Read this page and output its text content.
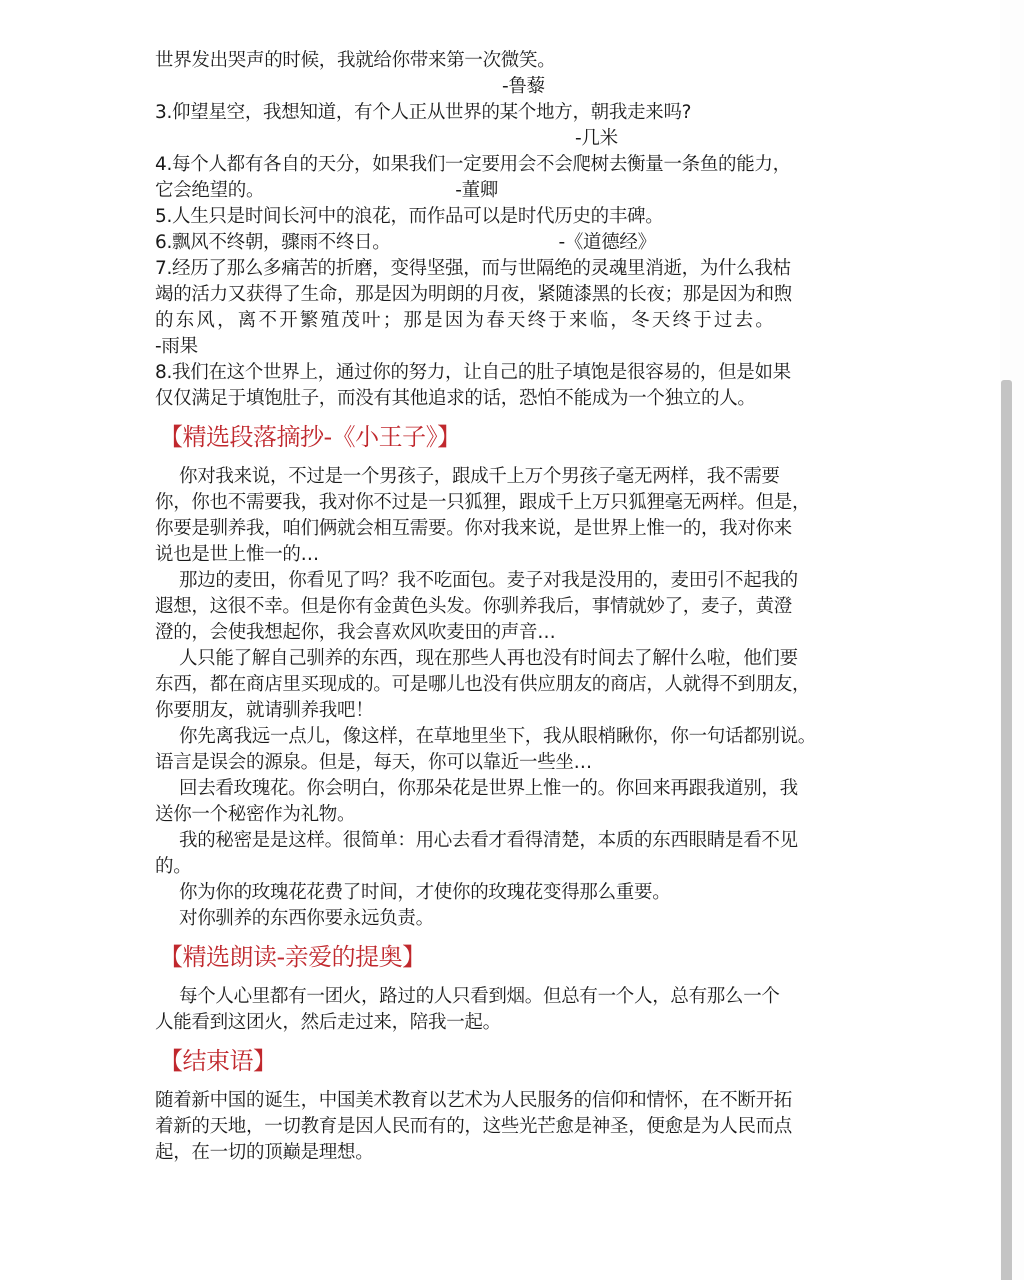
世界发出哭声的时候，我就给你带来第一次微笑。
-鲁藜
3.仰望星空，我想知道，有个人正从世界的某个地方，朝我走来吗?
-几米
4.每个人都有各自的天分，如果我们一定要用会不会爬树去衡量一条鱼的能力，
它会绝望的。	-董卿
5.人生只是时间长河中的浪花，而作品可以是时代历史的丰碑。
6.飘风不终朝，骤雨不终日。	-《道德经》
7.经历了那么多痛苦的折磨，变得坚强，而与世隔绝的灵魂里消逝，为什么我枯
竭的活力又获得了生命，那是因为明朗的月夜，紧随漆黑的长夜；那是因为和煦
的东风，离不开繁殖茂叶；那是因为春天终于来临，冬天终于过去。
-雨果
8.我们在这个世界上，通过你的努力，让自己的肚子填饱是很容易的，但是如果
仅仅满足于填饱肚子，而没有其他追求的话，恐怕不能成为一个独立的人。
【精选段落摘抄-《小王子》】
你对我来说，不过是一个男孩子，跟成千上万个男孩子毫无两样，我不需要
你，你也不需要我，我对你不过是一只狐狸，跟成千上万只狐狸毫无两样。但是，
你要是驯养我，咱们俩就会相互需要。你对我来说，是世界上惟一的，我对你来
说也是世上惟一的…
那边的麦田，你看见了吗？我不吃面包。麦子对我是没用的，麦田引不起我的
遐想，这很不幸。但是你有金黄色头发。你驯养我后，事情就妙了，麦子，黄澄
澄的，会使我想起你，我会喜欢风吹麦田的声音…
人只能了解自己驯养的东西，现在那些人再也没有时间去了解什么啦，他们要
东西，都在商店里买现成的。可是哪儿也没有供应朋友的商店，人就得不到朋友，
你要朋友，就请驯养我吧！
你先离我远一点儿，像这样，在草地里坐下，我从眼梢瞅你，你一句话都别说。
语言是误会的源泉。但是，每天，你可以靠近一些坐…
回去看玫瑰花。你会明白，你那朵花是世界上惟一的。你回来再跟我道别，我
送你一个秘密作为礼物。
我的秘密是是这样。很简单：用心去看才看得清楚，本质的东西眼睛是看不见
的。
你为你的玫瑰花花费了时间，才使你的玫瑰花变得那么重要。
对你驯养的东西你要永远负责。
【精选朗读-亲爱的提奥】
每个人心里都有一团火，路过的人只看到烟。但总有一个人，总有那么一个
人能看到这团火，然后走过来，陪我一起。
【结束语】
随着新中国的诞生，中国美术教育以艺术为人民服务的信仰和情怀，在不断开拓
着新的天地，一切教育是因人民而有的，这些光芒愈是神圣，便愈是为人民而点
起，在一切的顶巅是理想。
